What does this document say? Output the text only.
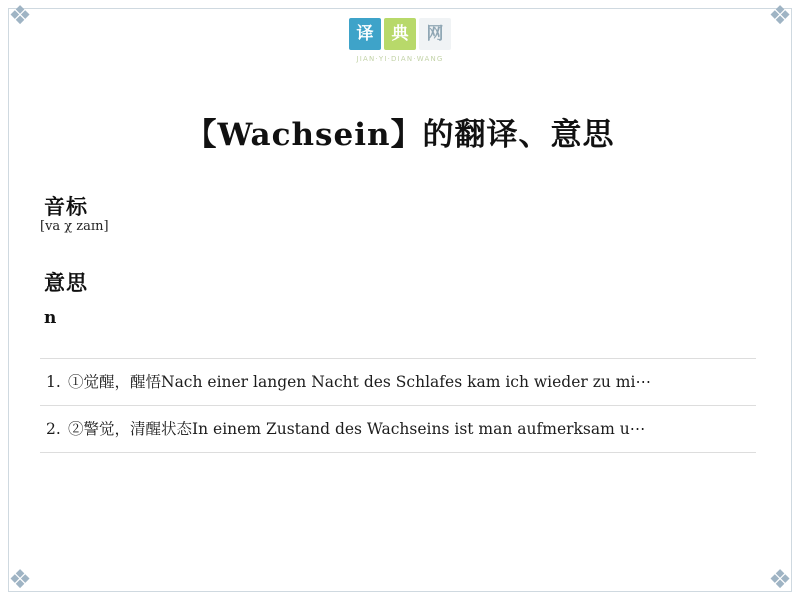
❖	❖
❖	❖
译	典	网
JIAN·YI·DIAN·WANG
【Wachsein】的翻译、意思
音标
[va χ zaɪn]
意思
n
1. ①觉醒，醒悟Nach einer langen Nacht des Schlafes kam ich wieder zu mi⋯
2. ②警觉，清醒状态In einem Zustand des Wachseins ist man aufmerksam u⋯
